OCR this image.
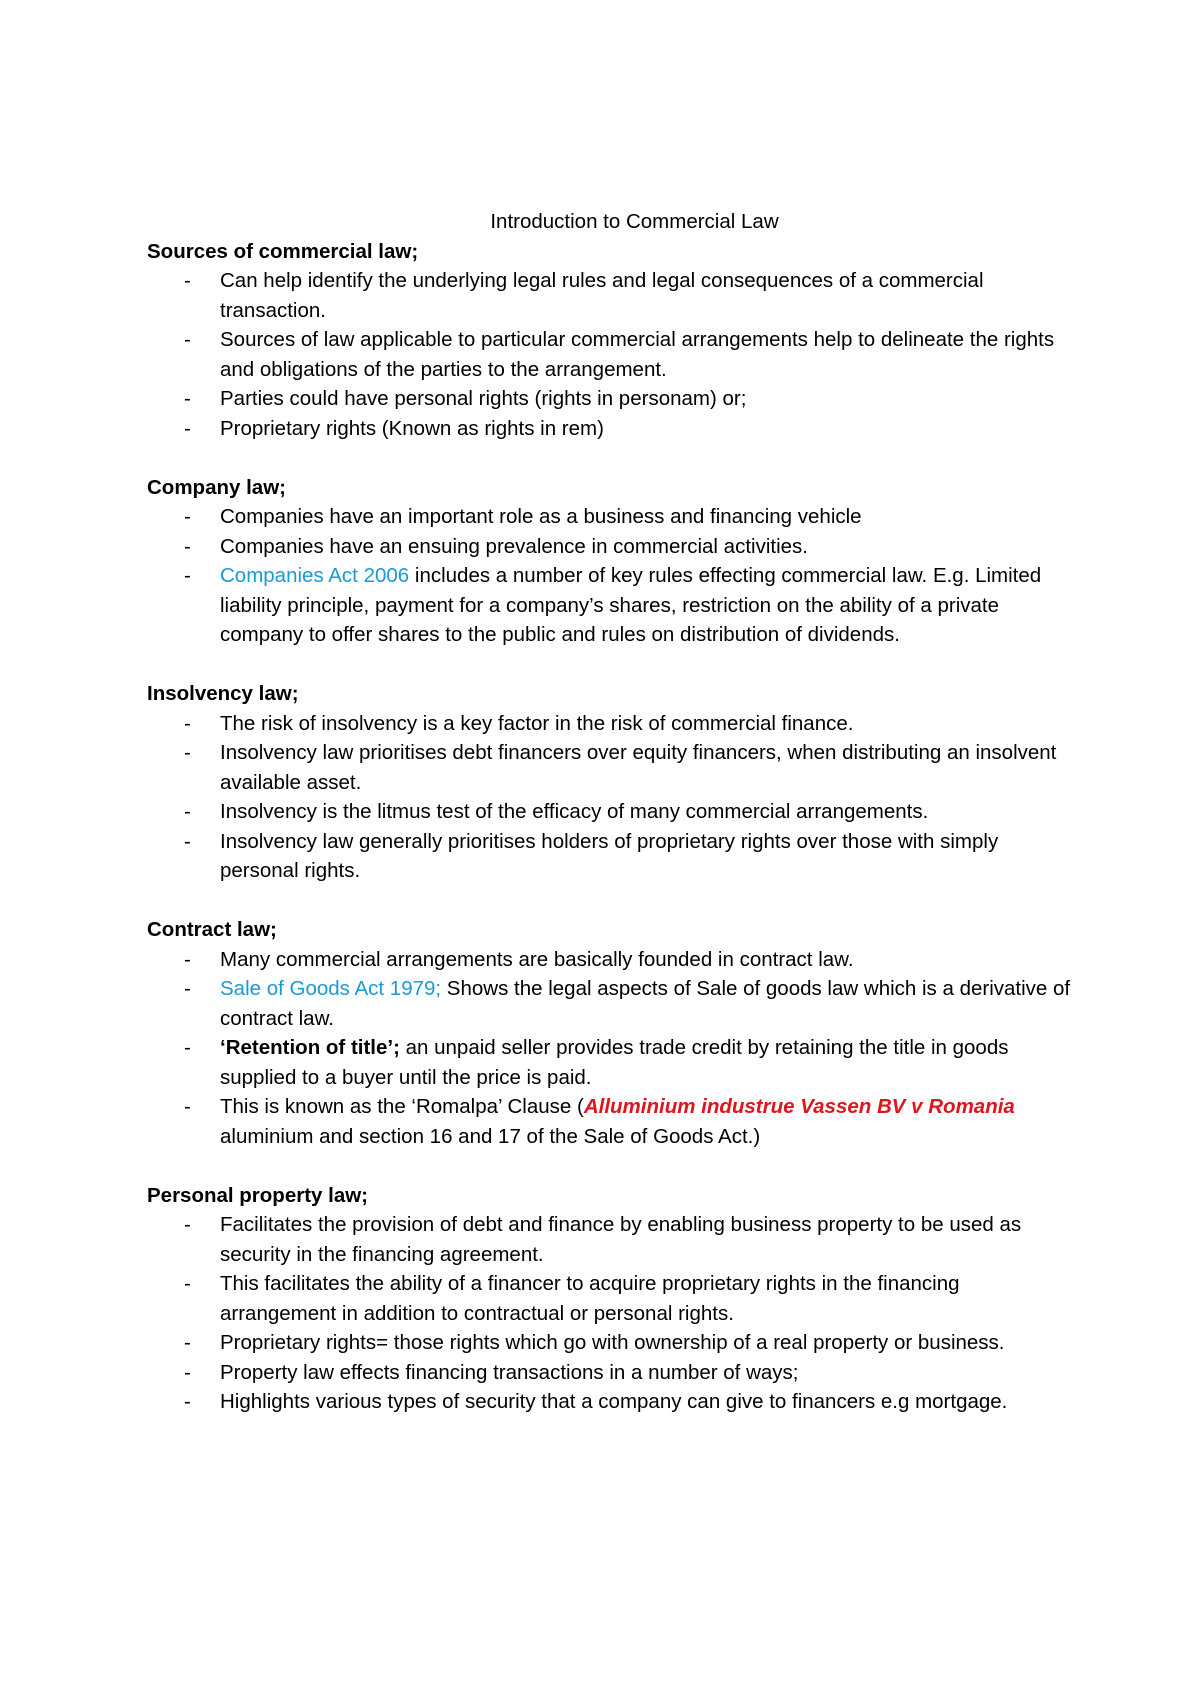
Introduction to Commercial Law

Sources of commercial law;

- Can help identify the underlying legal rules and legal consequences of a commercial transaction.
- Sources of law applicable to particular commercial arrangements help to delineate the rights and obligations of the parties to the arrangement.
- Parties could have personal rights (rights in personam) or;
- Proprietary rights (Known as rights in rem)

Company law;

- Companies have an important role as a business and financing vehicle
- Companies have an ensuing prevalence in commercial activities.
- Companies Act 2006 includes a number of key rules effecting commercial law. E.g. Limited liability principle, payment for a company’s shares, restriction on the ability of a private company to offer shares to the public and rules on distribution of dividends.

Insolvency law;

- The risk of insolvency is a key factor in the risk of commercial finance.
- Insolvency law prioritises debt financers over equity financers, when distributing an insolvent available asset.
- Insolvency is the litmus test of the efficacy of many commercial arrangements.
- Insolvency law generally prioritises holders of proprietary rights over those with simply personal rights.

Contract law;

- Many commercial arrangements are basically founded in contract law.
- Sale of Goods Act 1979; Shows the legal aspects of Sale of goods law which is a derivative of contract law.
- ‘Retention of title’; an unpaid seller provides trade credit by retaining the title in goods supplied to a buyer until the price is paid.
- This is known as the ‘Romalpa’ Clause (Alluminium industrue Vassen BV v Romania aluminium and section 16 and 17 of the Sale of Goods Act.)

Personal property law;

- Facilitates the provision of debt and finance by enabling business property to be used as security in the financing agreement.
- This facilitates the ability of a financer to acquire proprietary rights in the financing arrangement in addition to contractual or personal rights.
- Proprietary rights= those rights which go with ownership of a real property or business.
- Property law effects financing transactions in a number of ways;
- Highlights various types of security that a company can give to financers e.g mortgage.
